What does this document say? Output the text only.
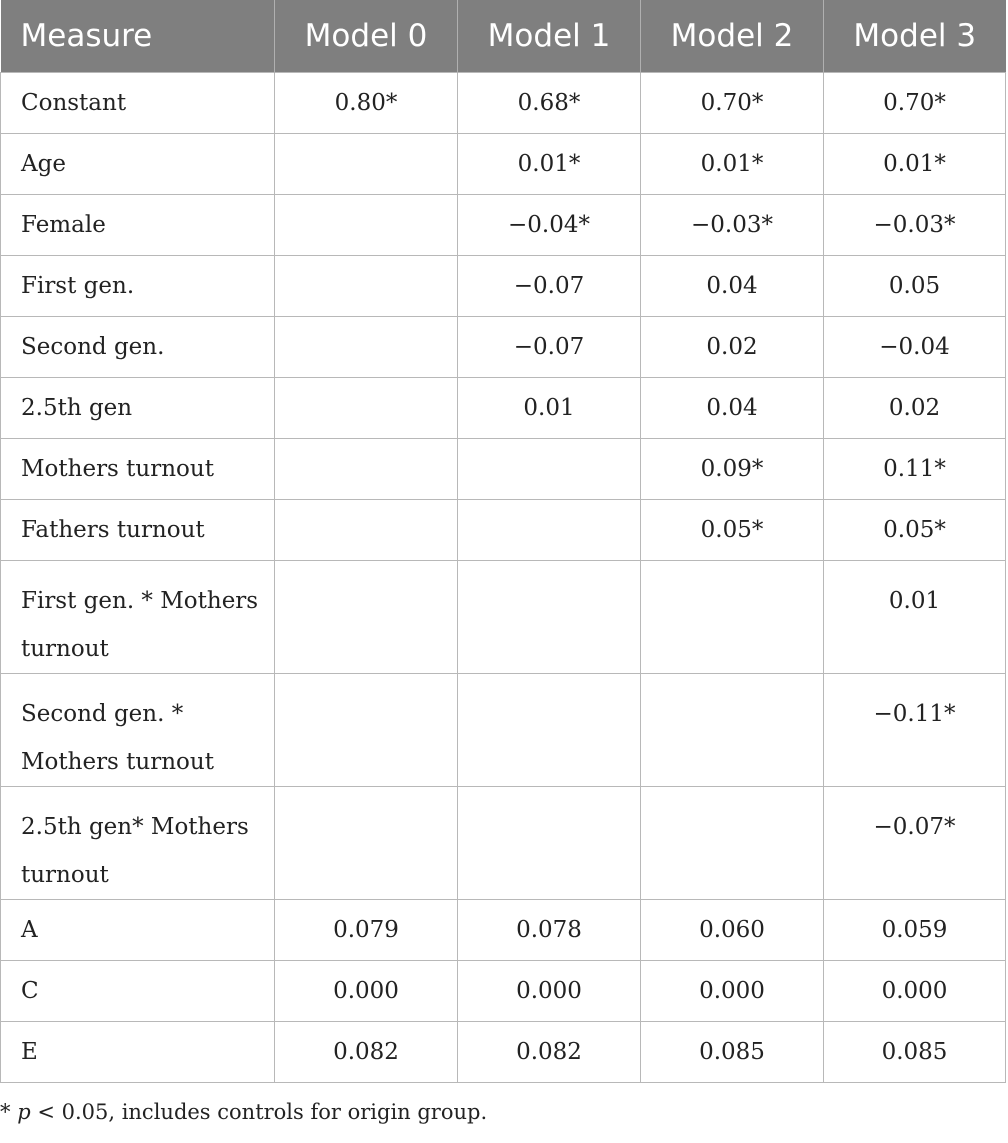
Measure	Model 0	Model 1	Model 2	Model 3
Constant	0.80*	0.68*	0.70*	0.70*
Age		0.01*	0.01*	0.01*
Female		−0.04*	−0.03*	−0.03*
First gen.		−0.07	0.04	0.05
Second gen.		−0.07	0.02	−0.04
2.5th gen		0.01	0.04	0.02
Mothers turnout			0.09*	0.11*
Fathers turnout			0.05*	0.05*
First gen. * Mothers turnout				0.01
Second gen. * Mothers turnout				−0.11*
2.5th gen* Mothers turnout				−0.07*
A	0.079	0.078	0.060	0.059
C	0.000	0.000	0.000	0.000
E	0.082	0.082	0.085	0.085
* p < 0.05, includes controls for origin group.
